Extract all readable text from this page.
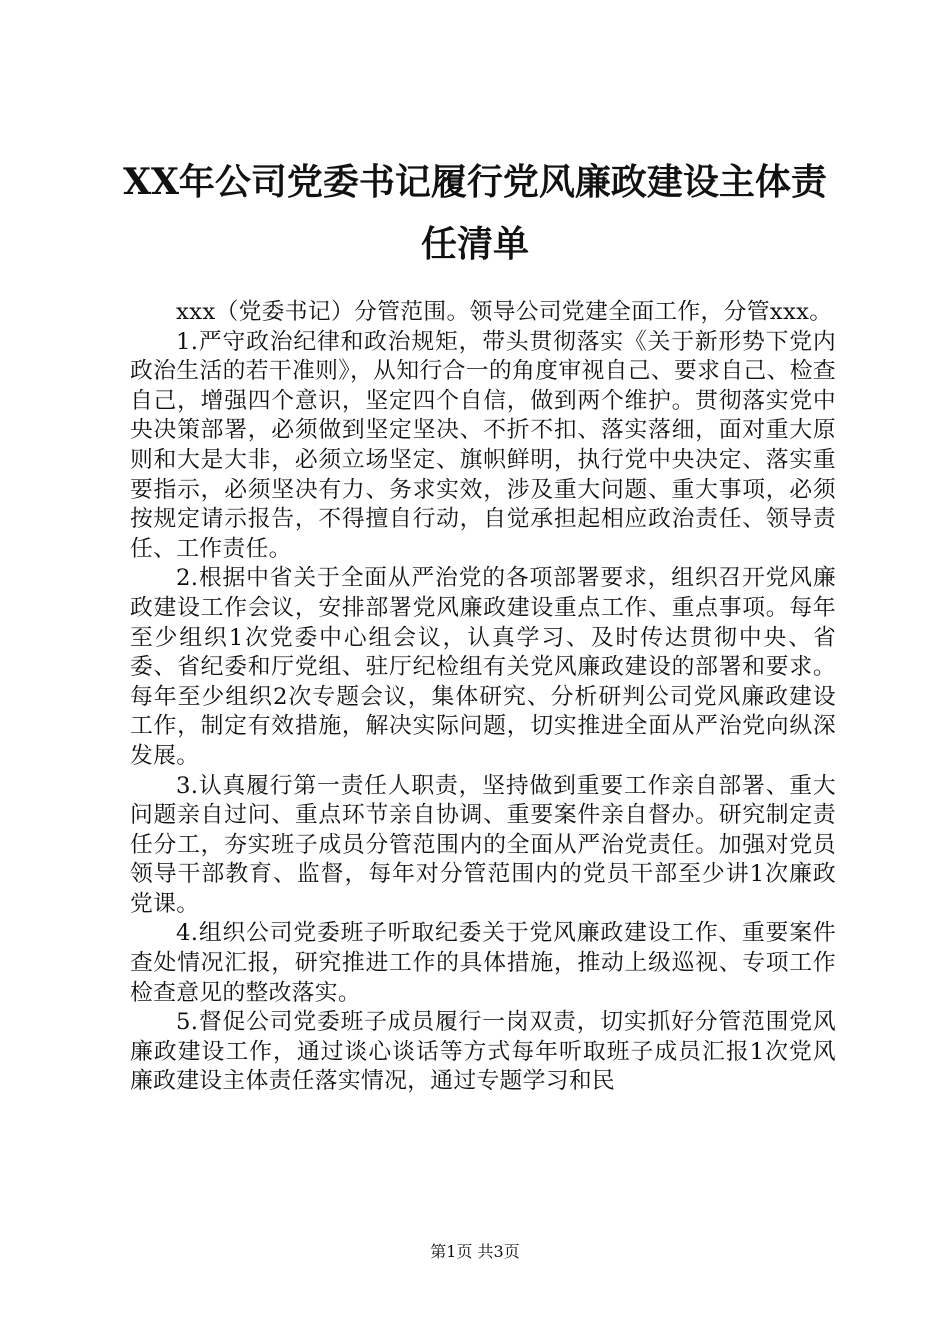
XX年公司党委书记履行党风廉政建设主体责
任清单

xxx（党委书记）分管范围。领导公司党建全面工作，分管xxx。

1.严守政治纪律和政治规矩，带头贯彻落实《关于新形势下党内政治生活的若干准则》，从知行合一的角度审视自己、要求自己、检查自己，增强四个意识，坚定四个自信，做到两个维护。贯彻落实党中央决策部署，必须做到坚定坚决、不折不扣、落实落细，面对重大原则和大是大非，必须立场坚定、旗帜鲜明，执行党中央决定、落实重要指示，必须坚决有力、务求实效，涉及重大问题、重大事项，必须按规定请示报告，不得擅自行动，自觉承担起相应政治责任、领导责任、工作责任。

2.根据中省关于全面从严治党的各项部署要求，组织召开党风廉政建设工作会议，安排部署党风廉政建设重点工作、重点事项。每年至少组织1次党委中心组会议，认真学习、及时传达贯彻中央、省委、省纪委和厅党组、驻厅纪检组有关党风廉政建设的部署和要求。每年至少组织2次专题会议，集体研究、分析研判公司党风廉政建设工作，制定有效措施，解决实际问题，切实推进全面从严治党向纵深发展。

3.认真履行第一责任人职责，坚持做到重要工作亲自部署、重大问题亲自过问、重点环节亲自协调、重要案件亲自督办。研究制定责任分工，夯实班子成员分管范围内的全面从严治党责任。加强对党员领导干部教育、监督，每年对分管范围内的党员干部至少讲1次廉政党课。

4.组织公司党委班子听取纪委关于党风廉政建设工作、重要案件查处情况汇报，研究推进工作的具体措施，推动上级巡视、专项工作检查意见的整改落实。

5.督促公司党委班子成员履行一岗双责，切实抓好分管范围党风廉政建设工作，通过谈心谈话等方式每年听取班子成员汇报1次党风廉政建设主体责任落实情况，通过专题学习和民

第1页 共3页
